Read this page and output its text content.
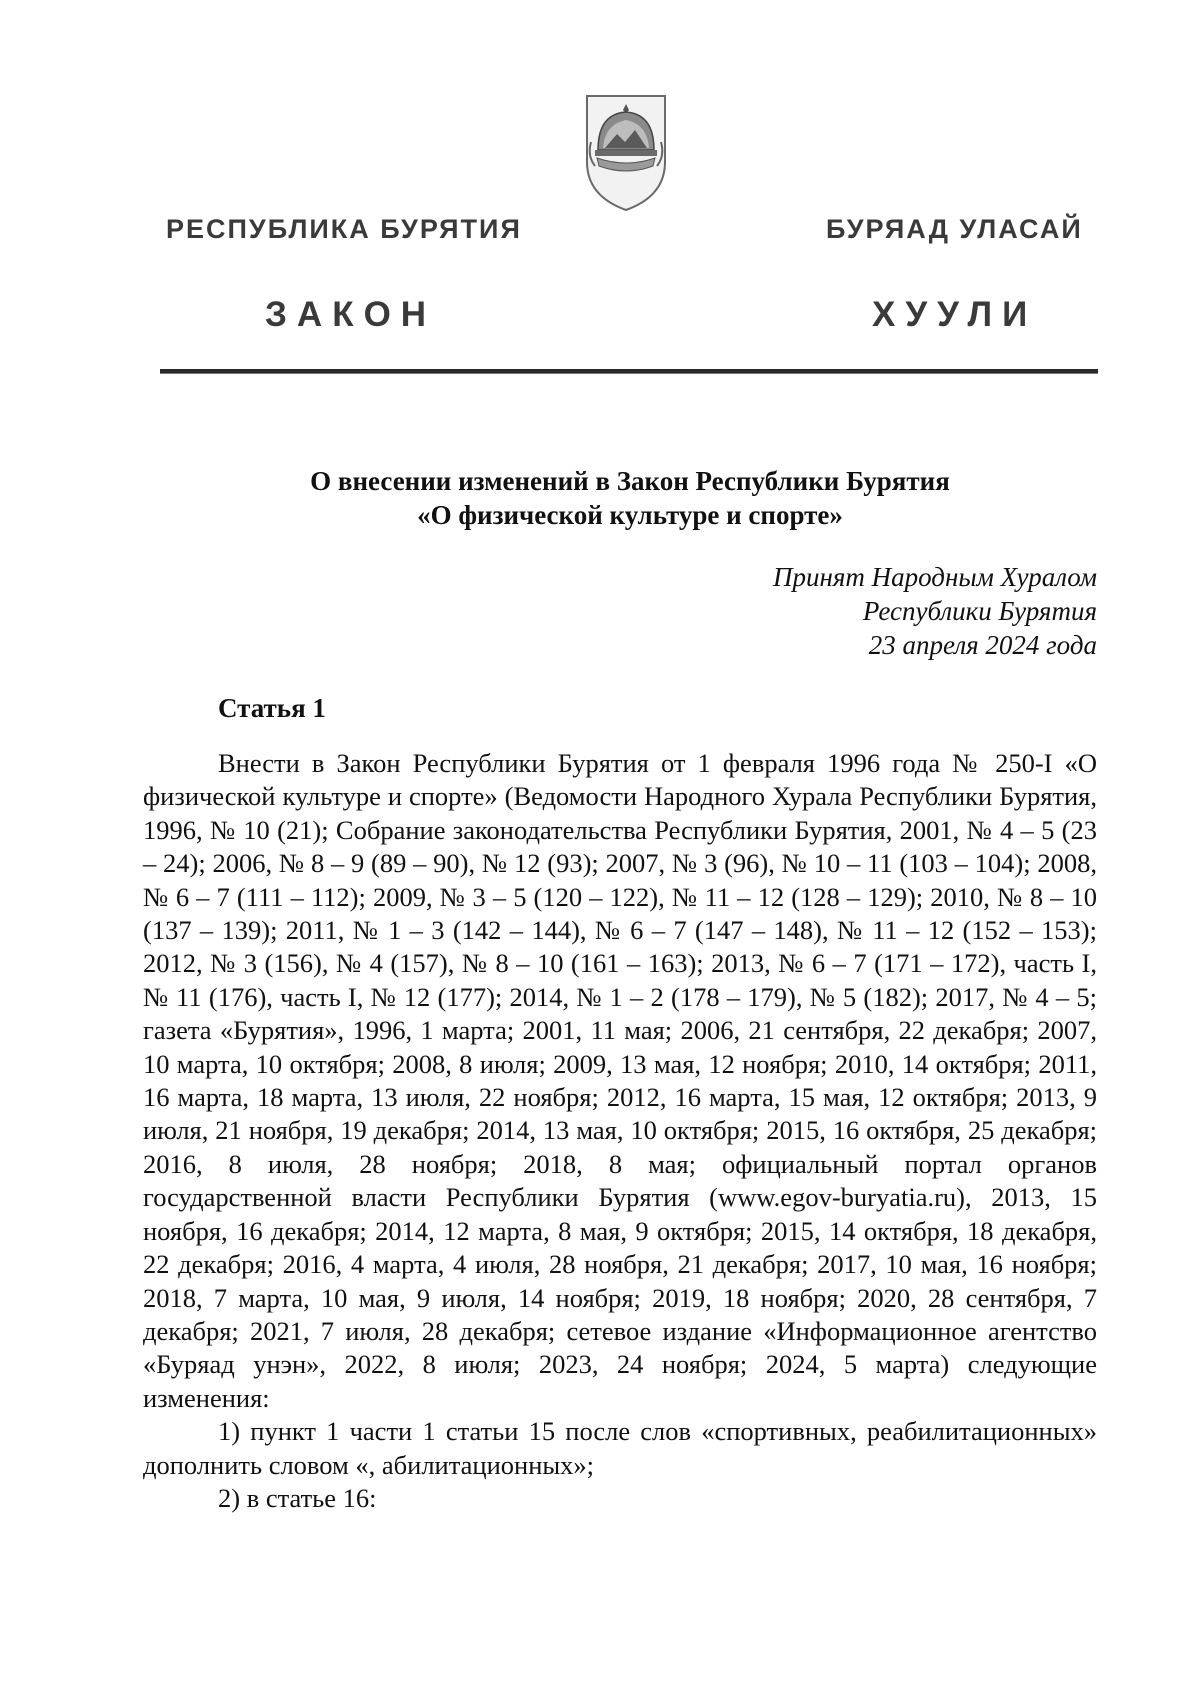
РЕСПУБЛИКА БУРЯТИЯ	БУРЯАД УЛАСАЙ
ЗАКОН	ХУУЛИ
О внесении изменений в Закон Республики Бурятия
«О физической культуре и спорте»
Принят Народным Хуралом
Республики Бурятия
23 апреля 2024 года
Статья 1

Внести в Закон Республики Бурятия от 1 февраля 1996 года № 250-I «О физической культуре и спорте» (Ведомости Народного Хурала Республики Бурятия, 1996, № 10 (21); Собрание законодательства Республики Бурятия, 2001, № 4 – 5 (23 – 24); 2006, № 8 – 9 (89 – 90), № 12 (93); 2007, № 3 (96), № 10 – 11 (103 – 104); 2008, № 6 – 7 (111 – 112); 2009, № 3 – 5 (120 – 122), № 11 – 12 (128 – 129); 2010, № 8 – 10 (137 – 139); 2011, № 1 – 3 (142 – 144), № 6 – 7 (147 – 148), № 11 – 12 (152 – 153); 2012, № 3 (156), № 4 (157), № 8 – 10 (161 – 163); 2013, № 6 – 7 (171 – 172), часть I, № 11 (176), часть I, № 12 (177); 2014, № 1 – 2 (178 – 179), № 5 (182); 2017, № 4 – 5; газета «Бурятия», 1996, 1 марта; 2001, 11 мая; 2006, 21 сентября, 22 декабря; 2007, 10 марта, 10 октября; 2008, 8 июля; 2009, 13 мая, 12 ноября; 2010, 14 октября; 2011, 16 марта, 18 марта, 13 июля, 22 ноября; 2012, 16 марта, 15 мая, 12 октября; 2013, 9 июля, 21 ноября, 19 декабря; 2014, 13 мая, 10 октября; 2015, 16 октября, 25 декабря; 2016, 8 июля, 28 ноября; 2018, 8 мая; официальный портал органов государственной власти Республики Бурятия (www.egov-buryatia.ru), 2013, 15 ноября, 16 декабря; 2014, 12 марта, 8 мая, 9 октября; 2015, 14 октября, 18 декабря, 22 декабря; 2016, 4 марта, 4 июля, 28 ноября, 21 декабря; 2017, 10 мая, 16 ноября; 2018, 7 марта, 10 мая, 9 июля, 14 ноября; 2019, 18 ноября; 2020, 28 сентября, 7 декабря; 2021, 7 июля, 28 декабря; сетевое издание «Информационное агентство «Буряад унэн», 2022, 8 июля; 2023, 24 ноября; 2024, 5 марта) следующие изменения:

1) пункт 1 части 1 статьи 15 после слов «спортивных, реабилитационных» дополнить словом «, абилитационных»;

2) в статье 16:
